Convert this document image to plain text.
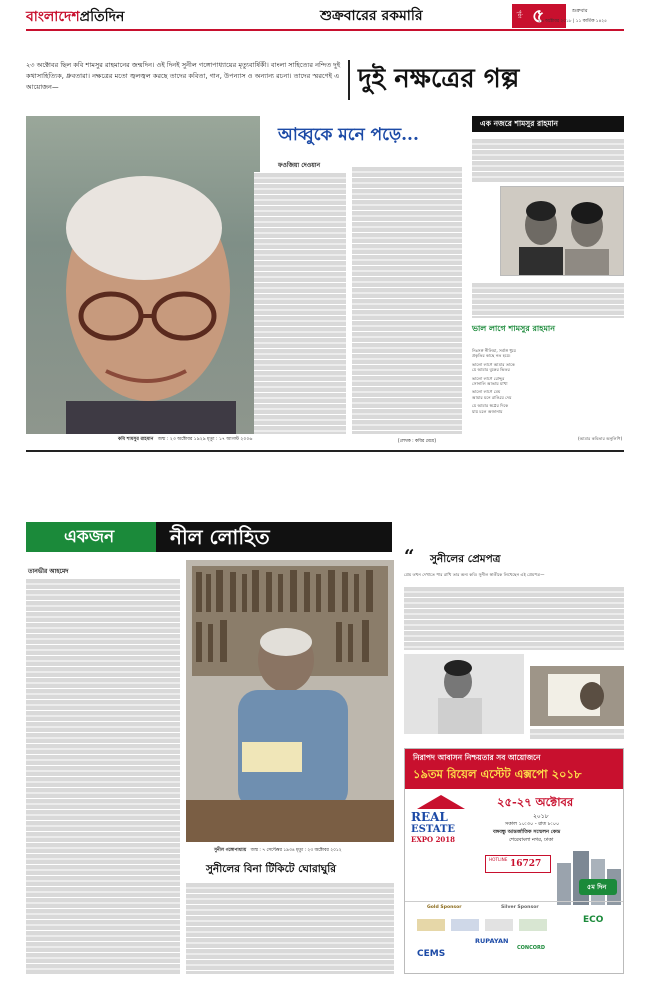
বাংলাদেশপ্রতিদিন	শুক্রবারের রকমারি	পৃষ্ঠা ৫	শুক্রবার
২৬ অক্টোবর ২০১৮ | ১১ কার্তিক ১৪২৫
২৩ অক্টোবর ছিল কবি শামসুর রাহমানের জন্মদিন। ওই দিনই সুনীল গঙ্গোপাধ্যায়ের মৃত্যুবার্ষিকী। বাংলা সাহিত্যের নন্দিত দুই কথাসাহিত্যিক, ধ্রুবতারা। নক্ষত্রের মতো জ্বলজ্বল করছে তাদের কবিতা, গান, উপন্যাস ও অন্যান্য রচনা। তাদের স্মরণেই এ আয়োজন—	দুই নক্ষত্রের গল্প
আব্বুকে মনে পড়ে...
ফওজিয়া দেওয়ান
কবি শামসুর রাহমান জন্ম : ২৩ অক্টোবর ১৯২৯ মৃত্যু : ১৭ আগস্ট ২০০৬	[লেখক : কবির মেয়ে]
এক নজরে শামসুর রাহমান
ভাল লাগে শামসুর রাহমান
নিঃসঙ্গ নীলিমা, সর্বাঙ্গ ধুয়ে
প্রকৃতির কাছে নত হয়ে।
ভালো লাগে আমার তাকে
যে আমার বুকের ভিতর
ভালো লাগে রোদ্দুর
সোনালি আভায় মাখা
ভালো লাগে মেঘ
আমার মনে রাঙিয়ে দেয়
যে আমার স্বপ্নের দিকে
যায় চলে অজানায়
(আমার কবিতার অনুলিপি)
একজন	নীল লোহিত
তানভীর আহমেদ
সুনীল গঙ্গোপাধ্যায় জন্ম : ৭ সেপ্টেম্বর ১৯৩৪ মৃত্যু : ২৩ অক্টোবর ২০১২
সুনীলের বিনা টিকিটে ঘোরাঘুরি
“ সুনীলের প্রেমপত্র
প্রেম তখন দেখাতে পার রাখি তার অন্য কবি। সুনীল স্বাতীকে লিখেছেন এই প্রেমপত্র—
নিরাপদ আবাসন নিশ্চয়তার সব আয়োজনে
১৯তম রিয়েল এস্টেট এক্সপো ২০১৮
REAL
ESTATE
EXPO 2018
২৫-২৭ অক্টোবর
২০১৮
সকাল ১০:৩০ - রাত ৮:০০
বঙ্গবন্ধু আন্তর্জাতিক সম্মেলন কেন্দ্র
শেরেবাংলা নগর, ঢাকা
৫ম দিন
HOTLINE 16727
Gold Sponsor	Silver Sponsor
RUPAYAN
CEMS
CONCORD
ECO
